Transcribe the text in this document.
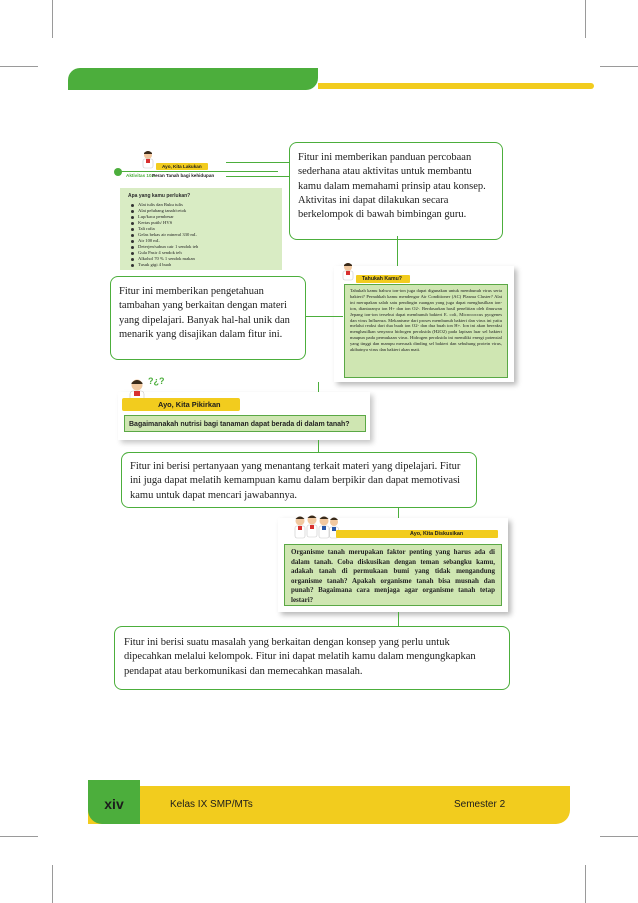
Ayo, Kita Lakukan
Aktivitas 10.1
Peran Tanah bagi kehidupan
Apa yang kamu perlukan?
Alat tulis dan Buku tulis
Alat pelubang tanah/cetok
Lup/kaca pembesar
Kertas putih/ HVS
Tali rafia
Gelas bekas air mineral 330 mL
Air 100 mL
Deterjen/sabun cair 1 sendok teh
Gula Pasir 4 sendok teh
Alkohol 70 % 1 sendok makan
Tusuk gigi 4 buah
Fitur ini memberikan panduan percobaan sederhana atau aktivitas untuk membantu kamu dalam memahami prinsip atau konsep. Aktivitas ini dapat dilakukan secara berkelompok di bawah bimbingan guru.
Tahukah Kamu?
Tahukah kamu bahwa ion-ion juga dapat digunakan untuk membunuh virus serta bakteri? Pernahkah kamu mendengar Air Conditioner (AC) Plasma Cluster? Alat ini merupakan salah satu pendingin ruangan yang juga dapat menghasilkan ion-ion, diantaranya ion H+ dan ion O2-. Berdasarkan hasil penelitian oleh ilmuwan Jepang ion-ion tersebut dapat membunuh bakteri E. coli, Micrococcus pyogenes dan virus Influenza. Mekanisme dari proses membunuh bakteri dan virus ini yaitu melalui reaksi dari dua buah ion O2- dan dua buah ion H+. Ion ini akan bereaksi menghasilkan senyawa hidrogen peroksida (H2O2) pada lapisan luar sel bakteri maupun pada permukaan virus. Hidrogen peroksida ini memiliki energi potensial yang tinggi dan mampu merusak dinding sel bakteri dan sebuhung protein virus, akibatnya virus dan bakteri akan mati.
Fitur ini memberikan pengetahuan tambahan yang berkaitan dengan materi yang dipelajari. Banyak hal-hal unik dan menarik yang disajikan dalam fitur ini.
?¿?
Ayo, Kita Pikirkan
Bagaimanakah nutrisi bagi tanaman dapat berada di dalam tanah?
Fitur ini berisi pertanyaan yang menantang terkait materi yang dipelajari. Fitur ini juga dapat melatih kemampuan kamu dalam berpikir dan dapat memotivasi kamu untuk dapat mencari jawabannya.
Ayo, Kita Diskusikan
Organisme tanah merupakan faktor penting yang harus ada di dalam tanah. Coba diskusikan dengan teman sebangku kamu, adakah tanah di permukaan bumi yang tidak mengandung organisme tanah? Apakah organisme tanah bisa musnah dan punah? Bagaimana cara menjaga agar organisme tanah tetap lestari?
Fitur ini berisi suatu masalah yang berkaitan dengan konsep yang perlu untuk dipecahkan melalui kelompok. Fitur ini dapat melatih kamu dalam mengungkapkan pendapat atau berkomunikasi dan memecahkan masalah.
xiv	Kelas IX SMP/MTs	Semester 2
